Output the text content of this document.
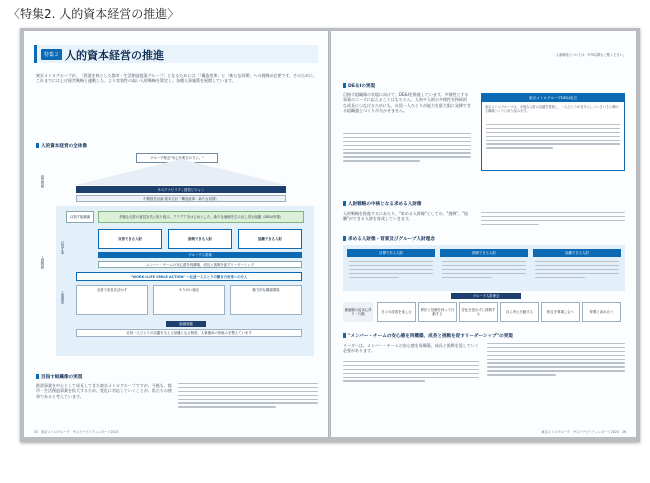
〈特集2. 人的資本経営の推進〉
特集２ 人的資本経営の推進
東京メトログループが、「鉄道を核とした都市・生活創造提案グループ」となるためには「「構造変革」と「新たな同期」への挑戦が必要です。そのために、これまでには上げ経営戦略と連動した、より実効性の高い人財戦略を策定し、各種人事施策を展開しています。
人的資本経営の全体像
グループ理念"安心を明日の力に。"
経営戦略
サステナビリティ経営ビジョン
中期経営計画 基本方針「構造改革・新たな同期」
人財戦略
目指す姿
目指す組織像	多様な人財の意見を共に取り組み、アイデアをはじめとした、新たな価値を生み出し得る組織（DE&I実現）
自律できる人財	挑戦できる人財	協働できる人財
グループ人財像
メンバー・チームの安心感を再構築、成長と挑戦を促すリーダーシップ
人事施策
"WORK×LIFE SMILE ACTION" ～社員一人ひとりの働き方改革への介入
全員で成長を活かす	やりがい創出	魅力的な職場環境
組織基盤
社員一人ひとりの活躍を支える基盤となる制度、人事運用の枠組みを整えています
目指す組織像の実現
鉄道事業を中心として成長してきた東京メトログループですが、今後も、都市・生活創造事業を拡大するため、変化に対応していくことが、私たちの使命であると考えています。
25 東京メトログループ　サステナビリティレポート2023
人事制度については、P.79以降もご覧ください。
DE＆Iの実現
目指す組織像の実現に向けて、DE&Iを推進しています。多様性とする事業のニーズに応えることはもちろん、人材や人財の多様性を持続的な成長につなげるためにも、社員一人ひとりが能力を最大限に発揮できる組織風土づくりが欠かせません。
東京メトログループDE&I宣言
東京メトログループは、多様な人財の活躍を推進し、一人ひとりが自分らしくいきいきと働ける職場づくりに取り組みます。
人財戦略の中核となる求める人財像
人財戦略を推進するにあたり、"求める人財像"としての、"挑戦"、"協働"ができる人財を育成していきます。
求める人財像・背景及びグループ人財理念
目標である人財	挑戦できる人財	協働できる人財
グループ人財理念
価値観の追求心得り・行動	日々の改善を楽しむ	責任と信頼を持って行動する
変化を恐れずに挑戦する	自ら考え行動する	相互を尊重し合う	仲間と高め合う
"メンバー・チームの安心感を再構築、成長と挑戦を促すリーダーシップ"の実現
リーダーは、メンバー・チームの安心感を再構築、成長と挑戦を促していく必要があります。
東京メトログループ　サステナビリティレポート2023 26
